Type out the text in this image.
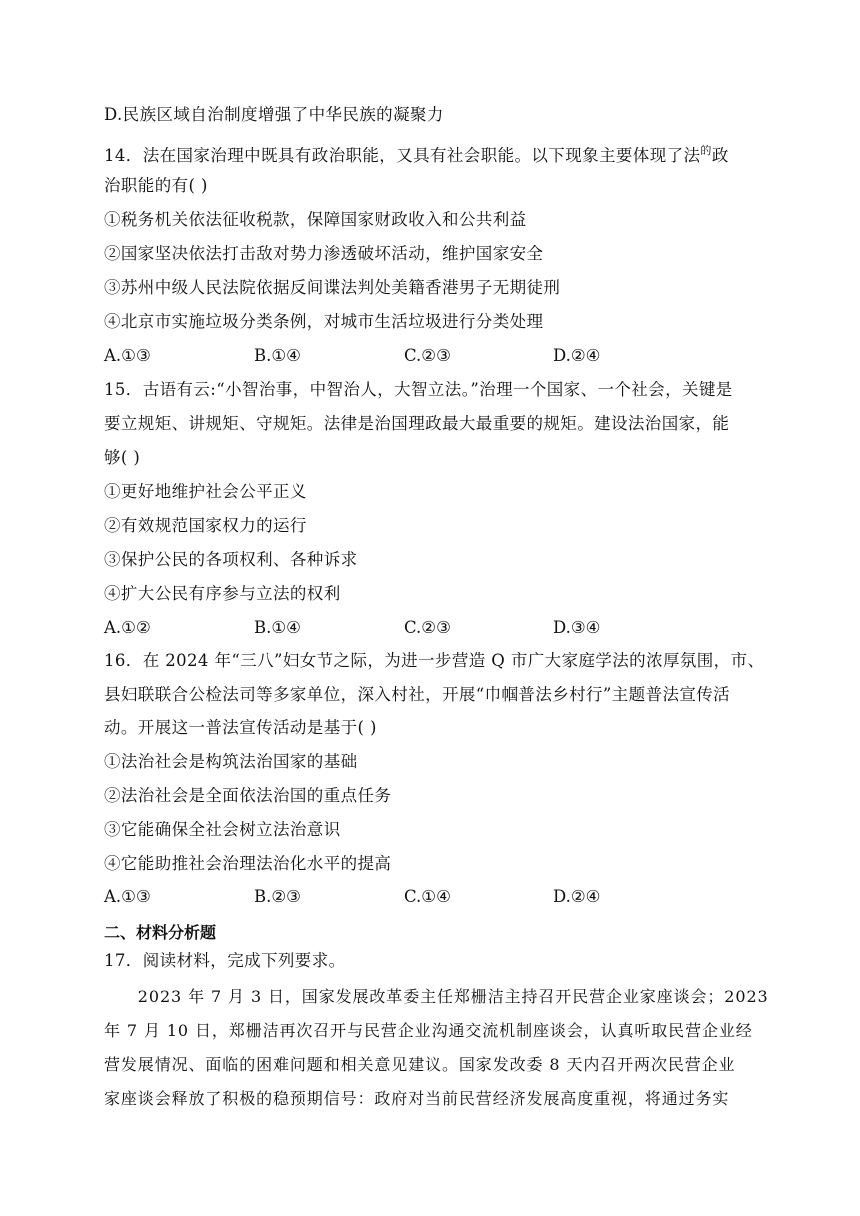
D.民族区域自治制度增强了中华民族的凝聚力
14．法在国家治理中既具有政治职能，又具有社会职能。以下现象主要体现了法$^的$政
治职能的有( )
①税务机关依法征收税款，保障国家财政收入和公共利益
②国家坚决依法打击敌对势力渗透破坏活动，维护国家安全
③苏州中级人民法院依据反间谍法判处美籍香港男子无期徒刑
④北京市实施垃圾分类条例，对城市生活垃圾进行分类处理
A.①③	B.①④	C.②③	D.②④
15．古语有云:“小智治事，中智治人，大智立法。”治理一个国家、一个社会，关键是
要立规矩、讲规矩、守规矩。法律是治国理政最大最重要的规矩。建设法治国家，能
够( )
①更好地维护社会公平正义
②有效规范国家权力的运行
③保护公民的各项权利、各种诉求
④扩大公民有序参与立法的权利
A.①②	B.①④	C.②③	D.③④
16．在 2024 年“三八”妇女节之际，为进一步营造 Q 市广大家庭学法的浓厚氛围，市、
县妇联联合公检法司等多家单位，深入村社，开展“巾帼普法乡村行”主题普法宣传活
动。开展这一普法宣传活动是基于( )
①法治社会是构筑法治国家的基础
②法治社会是全面依法治国的重点任务
③它能确保全社会树立法治意识
④它能助推社会治理法治化水平的提高
A.①③	B.②③	C.①④	D.②④
二、材料分析题
17．阅读材料，完成下列要求。
　　2023 年 7 月 3 日，国家发展改革委主任郑栅洁主持召开民营企业家座谈会；2023
年 7 月 10 日，郑栅洁再次召开与民营企业沟通交流机制座谈会，认真听取民营企业经
营发展情况、面临的困难问题和相关意见建议。国家发改委 8 天内召开两次民营企业
家座谈会释放了积极的稳预期信号：政府对当前民营经济发展高度重视，将通过务实
